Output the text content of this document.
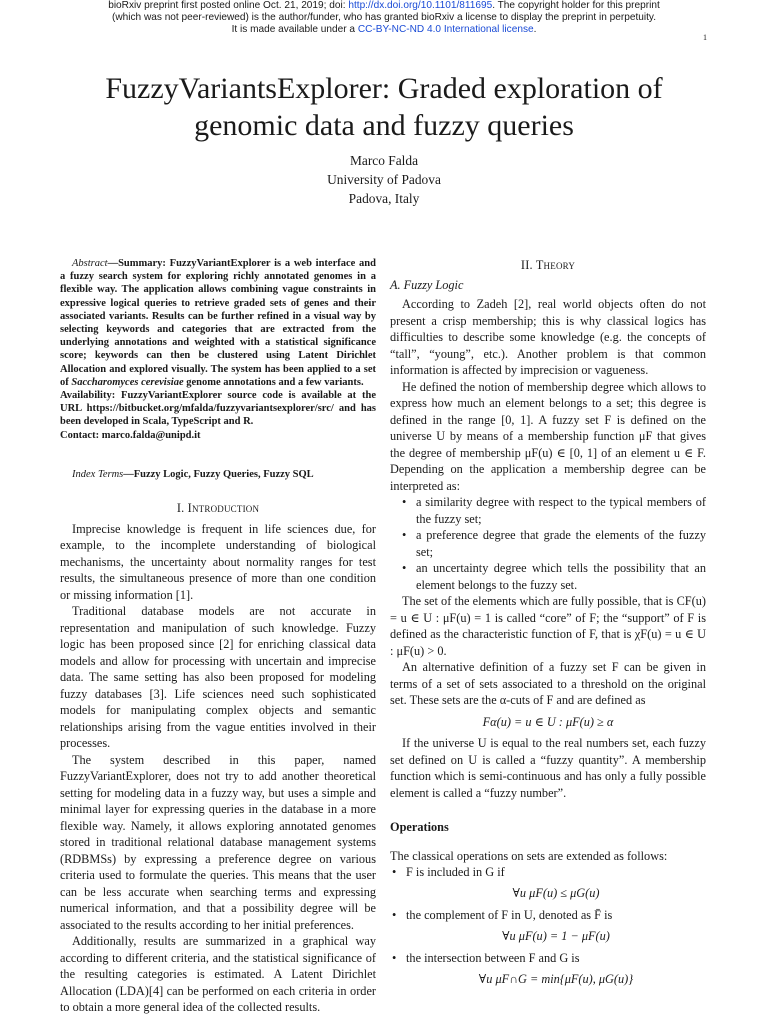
bioRxiv preprint first posted online Oct. 21, 2019; doi: http://dx.doi.org/10.1101/811695. The copyright holder for this preprint
(which was not peer-reviewed) is the author/funder, who has granted bioRxiv a license to display the preprint in perpetuity.
It is made available under a CC-BY-NC-ND 4.0 International license.
1
FuzzyVariantsExplorer: Graded exploration of
genomic data and fuzzy queries
Marco Falda
University of Padova
Padova, Italy

Abstract—Summary: FuzzyVariantExplorer is a web interface and a fuzzy search system for exploring richly annotated genomes in a flexible way. The application allows combining vague constraints in expressive logical queries to retrieve graded sets of genes and their associated variants. Results can be further refined in a visual way by selecting keywords and categories that are extracted from the underlying annotations and weighted with a statistical significance score; keywords can then be clustered using Latent Dirichlet Allocation and explored visually. The system has been applied to a set of Saccharomyces cerevisiae genome annotations and a few variants.

Availability: FuzzyVariantExplorer source code is available at the URL https://bitbucket.org/mfalda/fuzzyvariantsexplorer/src/ and has been developed in Scala, TypeScript and R.

Contact: marco.falda@unipd.it

Index Terms—Fuzzy Logic, Fuzzy Queries, Fuzzy SQL

I. Introduction

Imprecise knowledge is frequent in life sciences due, for example, to the incomplete understanding of biological mechanisms, the uncertainty about normality ranges for test results, the simultaneous presence of more than one condition or missing information [1].

Traditional database models are not accurate in representation and manipulation of such knowledge. Fuzzy logic has been proposed since [2] for enriching classical data models and allow for processing with uncertain and imprecise data. The same setting has also been proposed for modeling fuzzy databases [3]. Life sciences need such sophisticated models for manipulating complex objects and semantic relationships arising from the vague entities involved in their processes.

The system described in this paper, named FuzzyVariantExplorer, does not try to add another theoretical setting for modeling data in a fuzzy way, but uses a simple and minimal layer for expressing queries in the database in a more flexible way. Namely, it allows exploring annotated genomes stored in traditional relational database management systems (RDBMSs) by expressing a preference degree on various criteria used to formulate the queries. This means that the user can be less accurate when searching terms and expressing numerical information, and that a possibility degree will be associated to the results according to her initial preferences.

Additionally, results are summarized in a graphical way according to different criteria, and the statistical significance of the resulting categories is estimated. A Latent Dirichlet Allocation (LDA)[4] can be performed on each criteria in order to obtain a more general idea of the collected results.

II. Theory
A. Fuzzy Logic

According to Zadeh [2], real world objects often do not present a crisp membership; this is why classical logics has difficulties to describe some knowledge (e.g. the concepts of “tall”, “young”, etc.). Another problem is that common information is affected by imprecision or vagueness.

He defined the notion of membership degree which allows to express how much an element belongs to a set; this degree is defined in the range [0, 1]. A fuzzy set F is defined on the universe U by means of a membership function μF that gives the degree of membership μF(u) ∈ [0, 1] of an element u ∈ F. Depending on the application a membership degree can be interpreted as:

• a similarity degree with respect to the typical members of the fuzzy set;
• a preference degree that grade the elements of the fuzzy set;
• an uncertainty degree which tells the possibility that an element belongs to the fuzzy set.

The set of the elements which are fully possible, that is CF(u) = u ∈ U : μF(u) = 1 is called “core” of F; the “support” of F is defined as the characteristic function of F, that is χF(u) = u ∈ U : μF(u) > 0.

An alternative definition of a fuzzy set F can be given in terms of a set of sets associated to a threshold on the original set. These sets are the α-cuts of F and are defined as

Fα(u) = u ∈ U : μF(u) ≥ α

If the universe U is equal to the real numbers set, each fuzzy set defined on U is called a “fuzzy quantity”. A membership function which is semi-continuous and has only a fully possible element is called a “fuzzy number”.

Operations

The classical operations on sets are extended as follows:

• F is included in G if
∀u μF(u) ≤ μG(u)
• the complement of F in U, denoted as F̄ is
∀u μF(u) = 1 − μF(u)
• the intersection between F and G is
∀u μF∩G = min{μF(u), μG(u)}
